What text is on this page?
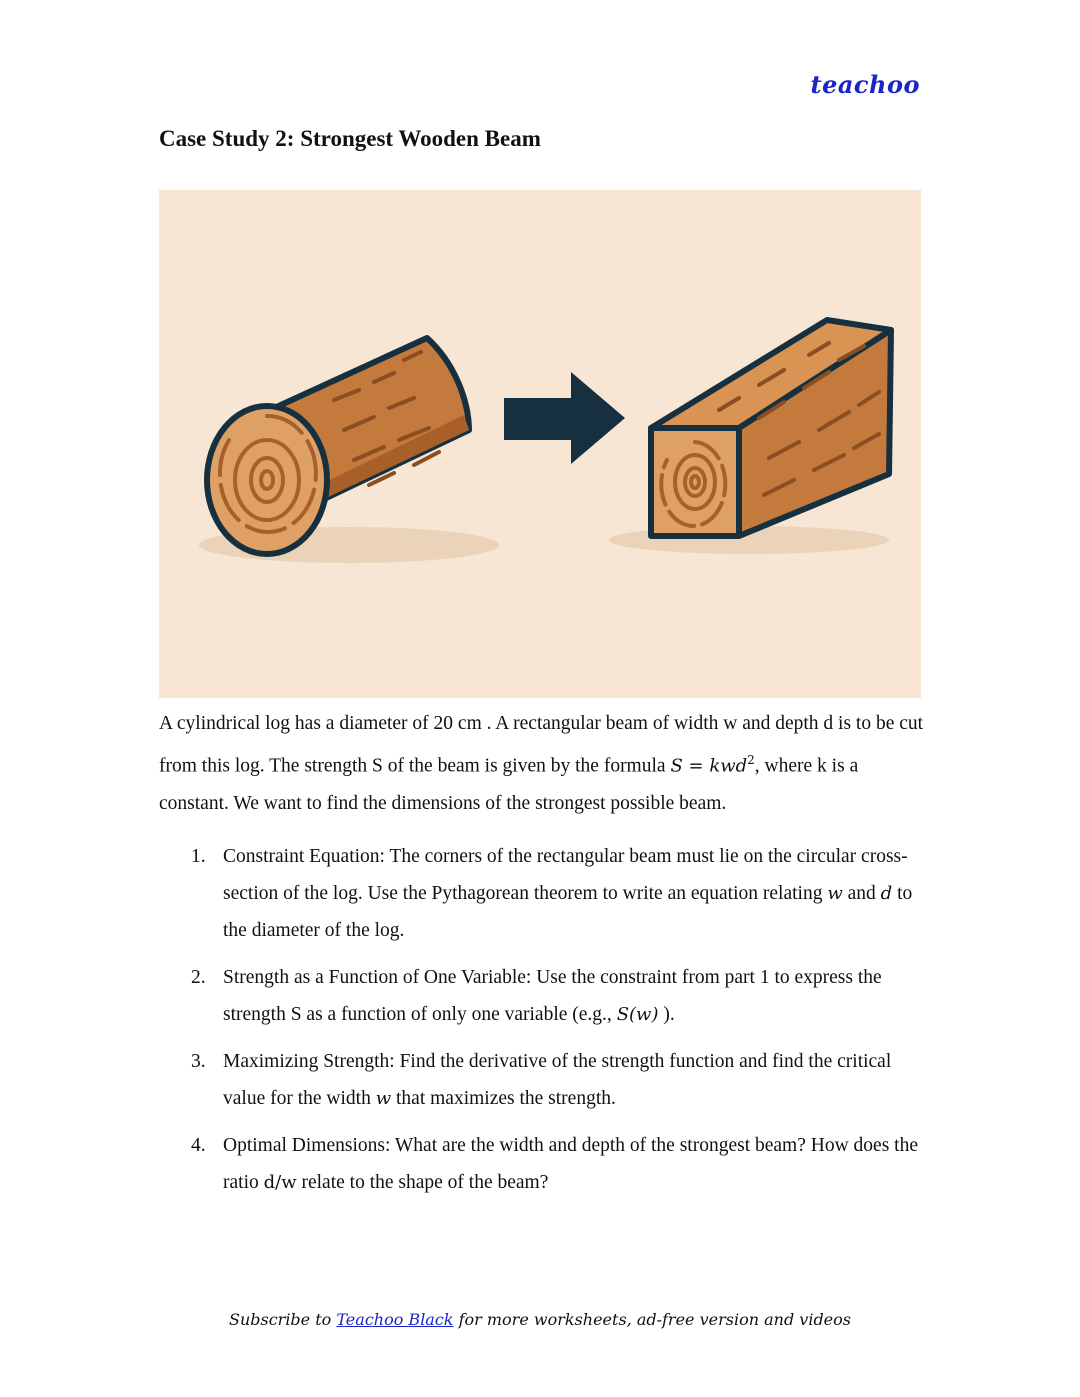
teachoo
Case Study 2: Strongest Wooden Beam

A cylindrical log has a diameter of 20 cm . A rectangular beam of width w and depth d is to be cut from this log. The strength S of the beam is given by the formula S = kwd$^2$, where k is a constant. We want to find the dimensions of the strongest possible beam.

1. Constraint Equation: The corners of the rectangular beam must lie on the circular cross-section of the log. Use the Pythagorean theorem to write an equation relating w and d to the diameter of the log.
2. Strength as a Function of One Variable: Use the constraint from part 1 to express the strength S as a function of only one variable (e.g., S(w) ).
3. Maximizing Strength: Find the derivative of the strength function and find the critical value for the width w that maximizes the strength.
4. Optimal Dimensions: What are the width and depth of the strongest beam? How does the ratio d/w relate to the shape of the beam?
Subscribe to Teachoo Black for more worksheets, ad-free version and videos
